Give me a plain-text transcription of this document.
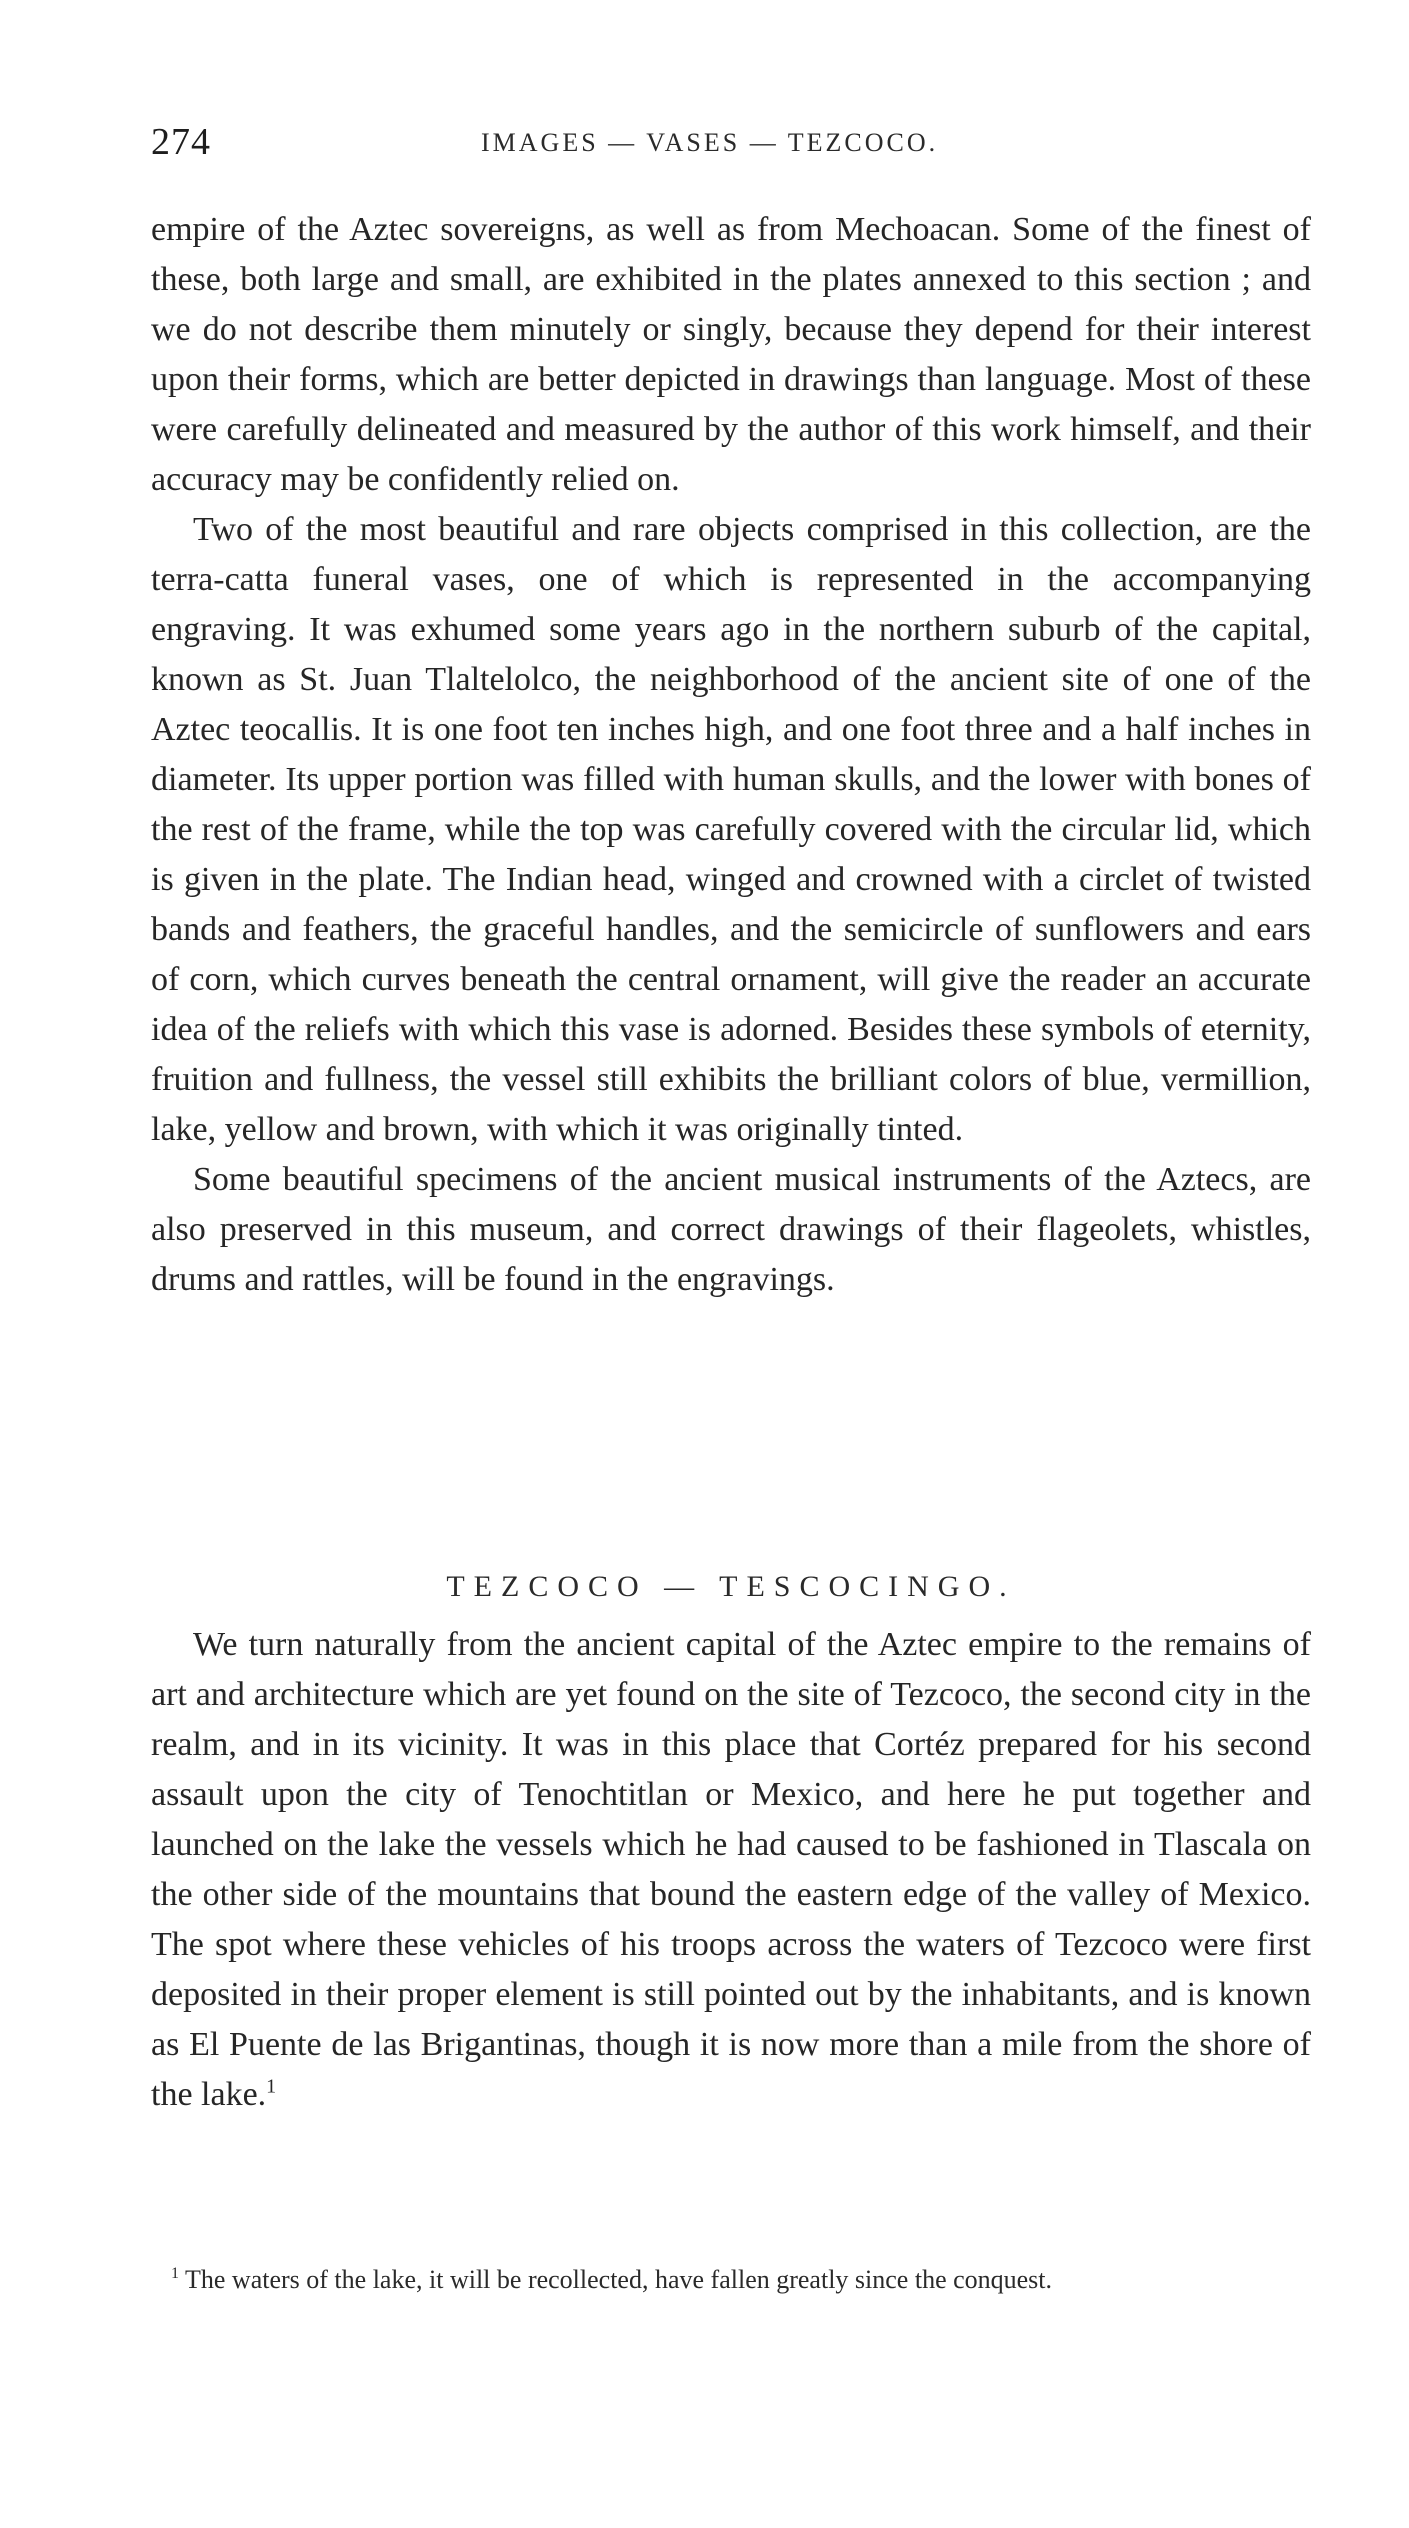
274	IMAGES — VASES — TEZCOCO.

empire of the Aztec sovereigns, as well as from Mechoacan. Some of the finest of these, both large and small, are exhibited in the plates annexed to this section ; and we do not describe them minutely or singly, because they depend for their interest upon their forms, which are better depicted in drawings than language. Most of these were carefully delineated and measured by the author of this work himself, and their accuracy may be confidently relied on.

Two of the most beautiful and rare objects comprised in this collection, are the terra-catta funeral vases, one of which is represented in the accompanying engraving. It was exhumed some years ago in the northern suburb of the capital, known as St. Juan Tlaltelolco, the neighborhood of the ancient site of one of the Aztec teocallis. It is one foot ten inches high, and one foot three and a half inches in diameter. Its upper portion was filled with human skulls, and the lower with bones of the rest of the frame, while the top was carefully covered with the circular lid, which is given in the plate. The Indian head, winged and crowned with a circlet of twisted bands and feathers, the graceful handles, and the semicircle of sunflowers and ears of corn, which curves beneath the central ornament, will give the reader an accurate idea of the reliefs with which this vase is adorned. Besides these symbols of eternity, fruition and fullness, the vessel still exhibits the brilliant colors of blue, vermillion, lake, yellow and brown, with which it was originally tinted.

Some beautiful specimens of the ancient musical instruments of the Aztecs, are also preserved in this museum, and correct drawings of their flageolets, whistles, drums and rattles, will be found in the engravings.

TEZCOCO — TESCOCINGO.

We turn naturally from the ancient capital of the Aztec empire to the remains of art and architecture which are yet found on the site of Tezcoco, the second city in the realm, and in its vicinity. It was in this place that Cortéz prepared for his second assault upon the city of Tenochtitlan or Mexico, and here he put together and launched on the lake the vessels which he had caused to be fashioned in Tlascala on the other side of the mountains that bound the eastern edge of the valley of Mexico. The spot where these vehicles of his troops across the waters of Tezcoco were first deposited in their proper element is still pointed out by the inhabitants, and is known as El Puente de las Brigantinas, though it is now more than a mile from the shore of the lake.$^1$

$^1$ The waters of the lake, it will be recollected, have fallen greatly since the conquest.
